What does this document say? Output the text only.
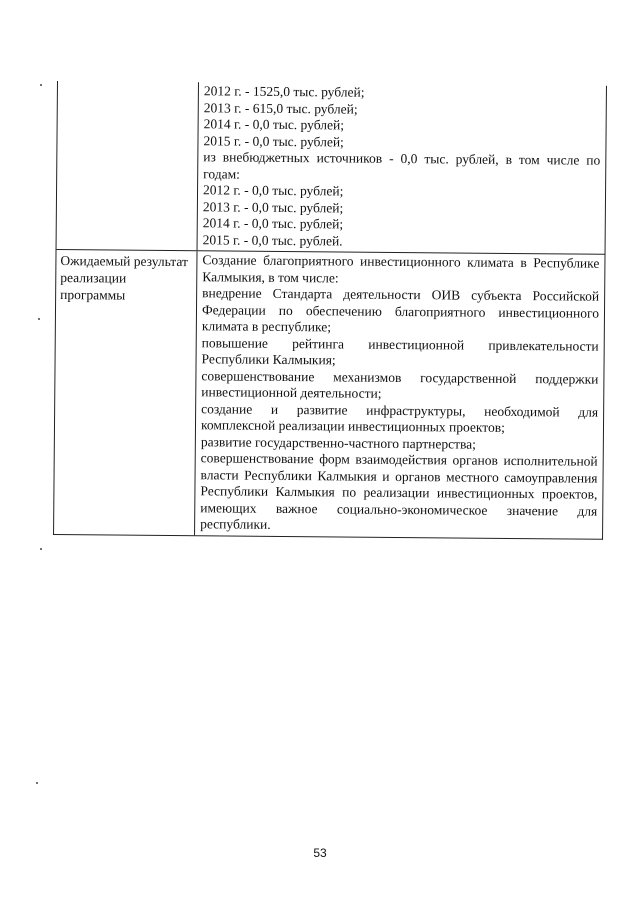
2012 г. - 1525,0 тыс. рублей;
2013 г. - 615,0 тыс. рублей;
2014 г. - 0,0 тыс. рублей;
2015 г. - 0,0 тыс. рублей;
из внебюджетных источников - 0,0 тыс. рублей, в том числе по годам:
2012 г. - 0,0 тыс. рублей;
2013 г. - 0,0 тыс. рублей;
2014 г. - 0,0 тыс. рублей;
2015 г. - 0,0 тыс. рублей.
Ожидаемый результат реализации программы
Создание благоприятного инвестиционного климата в Республике Калмыкия, в том числе:
внедрение Стандарта деятельности ОИВ субъекта Российской Федерации по обеспечению благоприятного инвестиционного климата в республике;
повышение рейтинга инвестиционной привлекательности Республики Калмыкия;
совершенствование механизмов государственной поддержки инвестиционной деятельности;
создание и развитие инфраструктуры, необходимой для комплексной реализации инвестиционных проектов;
развитие государственно-частного партнерства;
совершенствование форм взаимодействия органов исполнительной власти Республики Калмыкия и органов местного самоуправления Республики Калмыкия по реализации инвестиционных проектов, имеющих важное социально-экономическое значение для республики.
53
